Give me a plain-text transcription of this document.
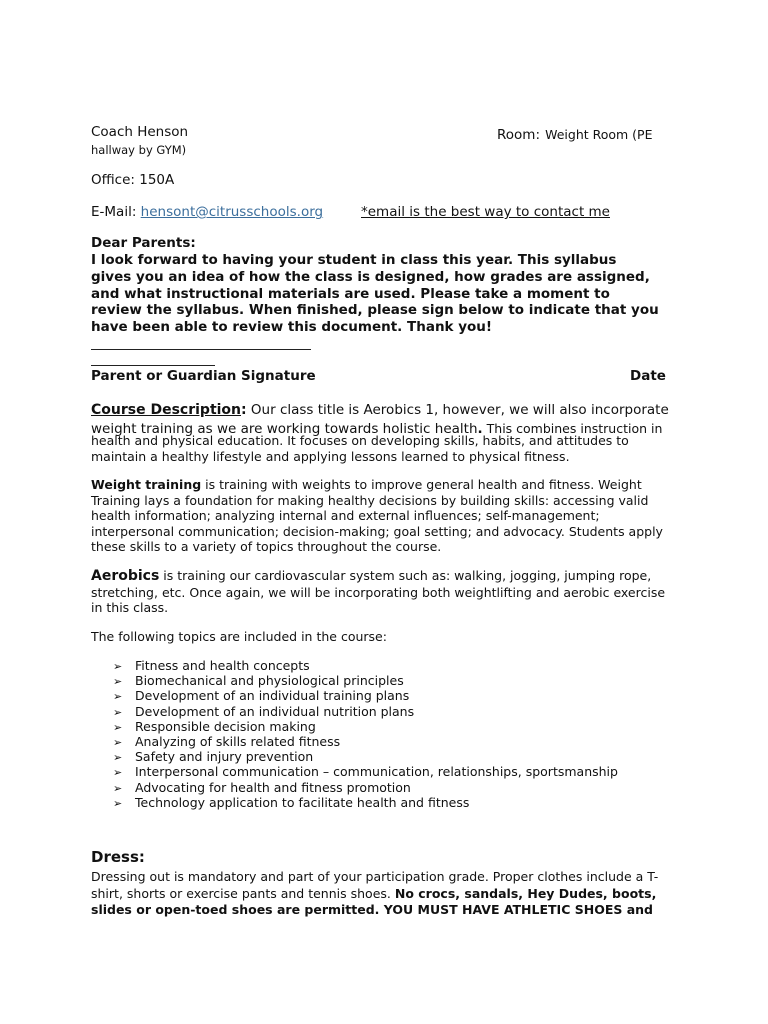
Coach Henson	Room: Weight Room (PE
hallway by GYM)
Office: 150A
E-Mail: hensont@citrusschools.org	*email is the best way to contact me
Dear Parents:
I look forward to having your student in class this year. This syllabus
gives you an idea of how the class is designed, how grades are assigned,
and what instructional materials are used. Please take a moment to
review the syllabus. When finished, please sign below to indicate that you
have been able to review this document. Thank you!
Parent or Guardian Signature	Date
Course Description: Our class title is Aerobics 1, however, we will also incorporate
weight training as we are working towards holistic health. This combines instruction in
health and physical education. It focuses on developing skills, habits, and attitudes to
maintain a healthy lifestyle and applying lessons learned to physical fitness.
Weight training is training with weights to improve general health and fitness. Weight
Training lays a foundation for making healthy decisions by building skills: accessing valid
health information; analyzing internal and external influences; self-management;
interpersonal communication; decision-making; goal setting; and advocacy. Students apply
these skills to a variety of topics throughout the course.
Aerobics is training our cardiovascular system such as: walking, jogging, jumping rope,
stretching, etc. Once again, we will be incorporating both weightlifting and aerobic exercise
in this class.
The following topics are included in the course:
➢ Fitness and health concepts
➢ Biomechanical and physiological principles
➢ Development of an individual training plans
➢ Development of an individual nutrition plans
➢ Responsible decision making
➢ Analyzing of skills related fitness
➢ Safety and injury prevention
➢ Interpersonal communication – communication, relationships, sportsmanship
➢ Advocating for health and fitness promotion
➢ Technology application to facilitate health and fitness
Dress:
Dressing out is mandatory and part of your participation grade. Proper clothes include a T-
shirt, shorts or exercise pants and tennis shoes. No crocs, sandals, Hey Dudes, boots,
slides or open-toed shoes are permitted. YOU MUST HAVE ATHLETIC SHOES and
